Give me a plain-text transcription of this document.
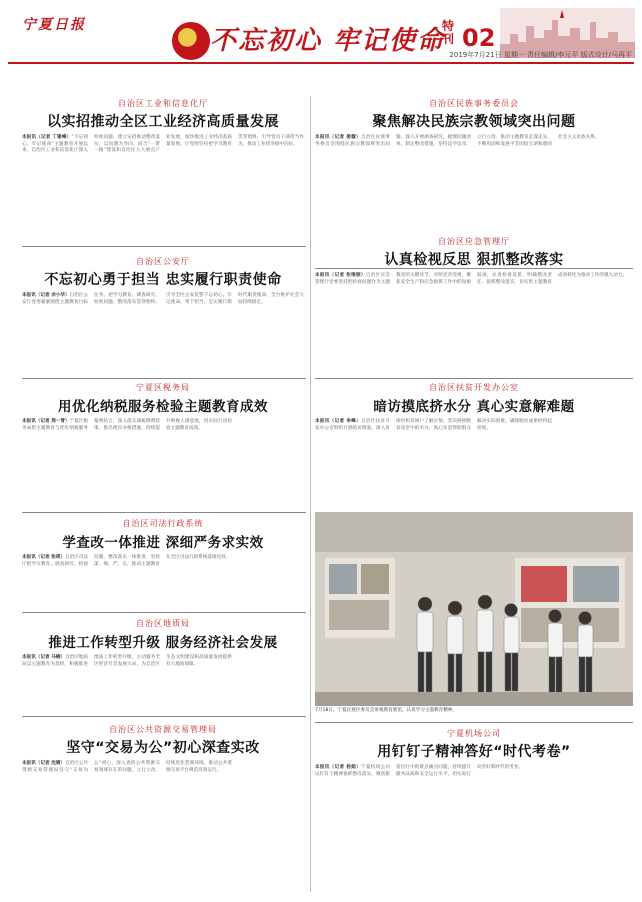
宁夏日报
不忘初心 牢记使命
特刊 02
2019年7月21日 星期一 责任编辑/李元平 版式设计/马再平
自治区工业和信息化厅
以实招推动全区工业经济高质量发展
本报讯（记者 丁建峰）“不忘初心、牢记使命”主题教育开展以来，自治区工业和信息化厅深入检视问题，建立实招推动整改落实，以问题为导向，结合“一带一路”建设和自治区九大重点产业发展，加快推进工业经济高质量发展。厅党组坚持把学习教育贯穿始终，引导党员干部担当作为，推动工业经济稳中向好。
自治区民族事务委员会
聚焦解决民族宗教领域突出问题
本报讯（记者 姜璇）自治区民族事务委员会围绕民族宗教领域突出问题，深入开展调查研究，梳理问题清单，制定整改措施，坚持边学边改、立行立改，推动主题教育走深走实，不断巩固和发展平等团结互助和谐的社会主义民族关系。
自治区公安厅
不忘初心勇于担当 忠实履行职责使命
本报讯（记者 余小华）自治区公安厅党委紧紧围绕主题教育目标任务，把学习教育、调查研究、检视问题、整改落实贯穿始终，引导全区公安民警不忘初心、牢记使命，勇于担当、忠实履行新时代职责使命，全力维护社会大局持续稳定。
自治区应急管理厅
认真检视反思 狠抓整改落实
本报讯（记者 张唯丽）自治区应急管理厅党委坚持把检视问题作为主题教育的关键环节，对照党章党规，聚焦安全生产和应急救援工作中的短板弱项，认真检视反思，明确整改责任，狠抓整改落实，切实把主题教育成效转化为推动工作的强大动力。
宁夏区税务局
用优化纳税服务检验主题教育成效
本报讯（记者 周一青）宁夏区税务局把主题教育与优化纳税服务紧密结合，深入落实减税降费政策，推出便民办税措施，持续提升纳税人满意度，用实际行动检验主题教育成效。
自治区扶贫开发办公室
暗访摸底挤水分 真心实意解难题
本报讯（记者 李峰）自治区扶贫开发办公室组织开展暗访摸底，深入贫困村和贫困户了解实情，坚决挤掉脱贫攻坚中的水分，真心实意帮助群众解决实际困难，确保脱贫成果经得起检验。
自治区司法行政系统
学查改一体推进 深细严务求实效
本报讯（记者 张瑛）自治区司法厅把学习教育、调查研究、检视问题、整改落实一体推进，坚持深、细、严、实，推动主题教育在全区司法行政系统落地见效。
7月18日，宁夏民族区委员会参观教育展馆，认真学习主题教育精神。
自治区地质局
推进工作转型升级 服务经济社会发展
本报讯（记者 马楠）自治区地质局以主题教育为契机，积极推进地质工作转型升级，主动服务全区经济社会发展大局，为自治区生态文明建设和高质量发展提供有力地质保障。
自治区公共资源交易管理局
坚守“交易为公”初心深查实改
本报讯（记者 沈婧）自治区公共资源交易管理局坚守“交易为公”初心，深入查找公共资源交易领域存在的问题，立行立改，持续优化营商环境，推动公共资源交易平台规范高效运行。
宁夏机场公司
用钉钉子精神答好“时代考卷”
本报讯（记者 杨娟）宁夏机场公司以钉钉子精神狠抓整改落实，聚焦旅客出行中的难点痛点问题，持续提升服务品质和安全运行水平，用实际行动答好新时代的考卷。
